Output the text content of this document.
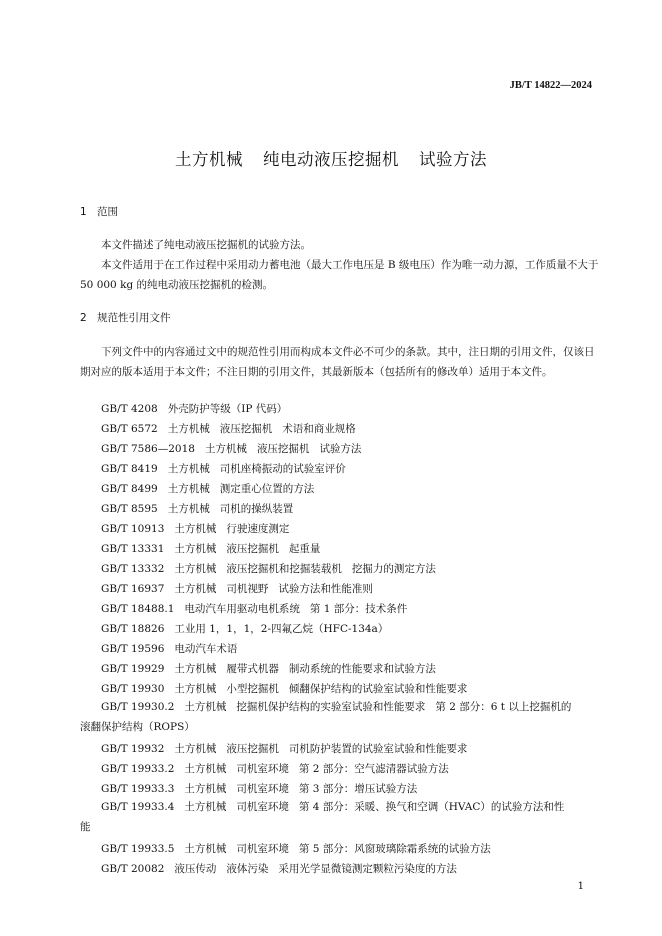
JB/T 14822—2024
土方机械 纯电动液压挖掘机 试验方法
1 范围
本文件描述了纯电动液压挖掘机的试验方法。
本文件适用于在工作过程中采用动力蓄电池（最大工作电压是 B 级电压）作为唯一动力源，工作质量不大于 50 000 kg 的纯电动液压挖掘机的检测。
2 规范性引用文件
下列文件中的内容通过文中的规范性引用而构成本文件必不可少的条款。其中，注日期的引用文件，仅该日期对应的版本适用于本文件；不注日期的引用文件，其最新版本（包括所有的修改单）适用于本文件。
GB/T 4208 外壳防护等级（IP 代码）
GB/T 6572 土方机械 液压挖掘机 术语和商业规格
GB/T 7586—2018 土方机械 液压挖掘机 试验方法
GB/T 8419 土方机械 司机座椅振动的试验室评价
GB/T 8499 土方机械 测定重心位置的方法
GB/T 8595 土方机械 司机的操纵装置
GB/T 10913 土方机械 行驶速度测定
GB/T 13331 土方机械 液压挖掘机 起重量
GB/T 13332 土方机械 液压挖掘机和挖掘装载机 挖掘力的测定方法
GB/T 16937 土方机械 司机视野 试验方法和性能准则
GB/T 18488.1 电动汽车用驱动电机系统 第 1 部分：技术条件
GB/T 18826 工业用 1，1，1，2-四氟乙烷（HFC-134a）
GB/T 19596 电动汽车术语
GB/T 19929 土方机械 履带式机器 制动系统的性能要求和试验方法
GB/T 19930 土方机械 小型挖掘机 倾翻保护结构的试验室试验和性能要求
GB/T 19930.2 土方机械 挖掘机保护结构的实验室试验和性能要求 第 2 部分：6 t 以上挖掘机的
滚翻保护结构（ROPS）
GB/T 19932 土方机械 液压挖掘机 司机防护装置的试验室试验和性能要求
GB/T 19933.2 土方机械 司机室环境 第 2 部分：空气滤清器试验方法
GB/T 19933.3 土方机械 司机室环境 第 3 部分：增压试验方法
GB/T 19933.4 土方机械 司机室环境 第 4 部分：采暖、换气和空调（HVAC）的试验方法和性
能
GB/T 19933.5 土方机械 司机室环境 第 5 部分：风窗玻璃除霜系统的试验方法
GB/T 20082 液压传动 液体污染 采用光学显微镜测定颗粒污染度的方法
1
